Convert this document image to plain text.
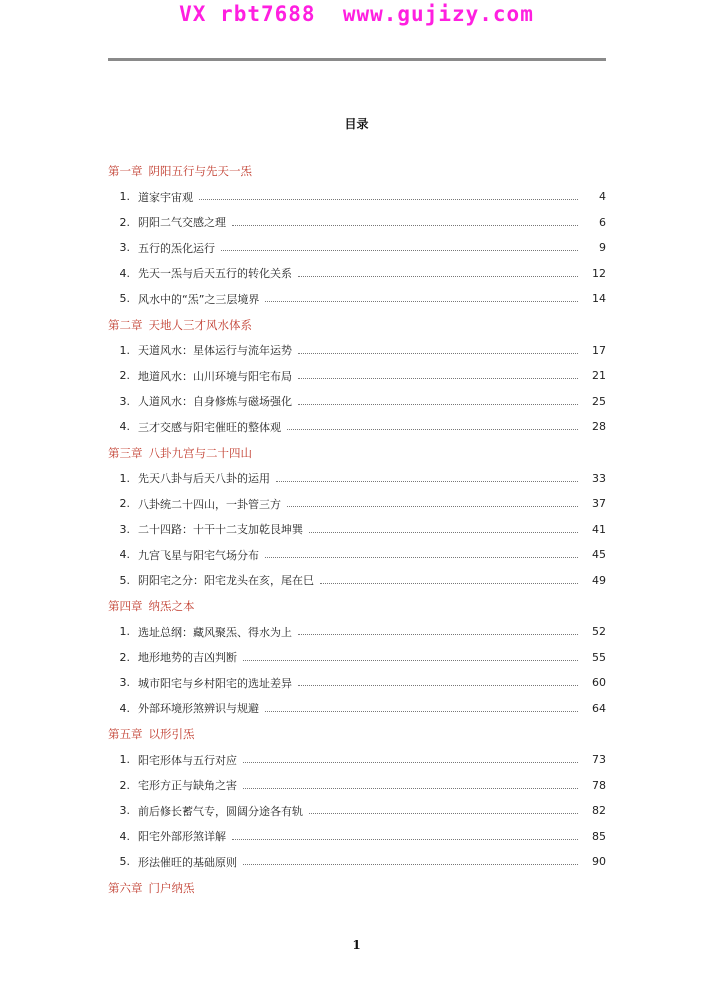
VX rbt7688  www.gujizy.com
目录
第一章 阴阳五行与先天一炁
1. 道家宇宙观	4
2. 阴阳二气交感之理	6
3. 五行的炁化运行	9
4. 先天一炁与后天五行的转化关系	12
5. 风水中的“炁”之三层境界	14
第二章 天地人三才风水体系
1. 天道风水：星体运行与流年运势	17
2. 地道风水：山川环境与阳宅布局	21
3. 人道风水：自身修炼与磁场强化	25
4. 三才交感与阳宅催旺的整体观	28
第三章 八卦九宫与二十四山
1. 先天八卦与后天八卦的运用	33
2. 八卦统二十四山，一卦管三方	37
3. 二十四路：十干十二支加乾艮坤巽	41
4. 九宫飞星与阳宅气场分布	45
5. 阴阳宅之分：阳宅龙头在亥，尾在巳	49
第四章 纳炁之本
1. 选址总纲：藏风聚炁、得水为上	52
2. 地形地势的吉凶判断	55
3. 城市阳宅与乡村阳宅的选址差异	60
4. 外部环境形煞辨识与规避	64
第五章 以形引炁
1. 阳宅形体与五行对应	73
2. 宅形方正与缺角之害	78
3. 前后修长蓄气专，圆阔分途各有轨	82
4. 阳宅外部形煞详解	85
5. 形法催旺的基础原则	90
第六章 门户纳炁
1
